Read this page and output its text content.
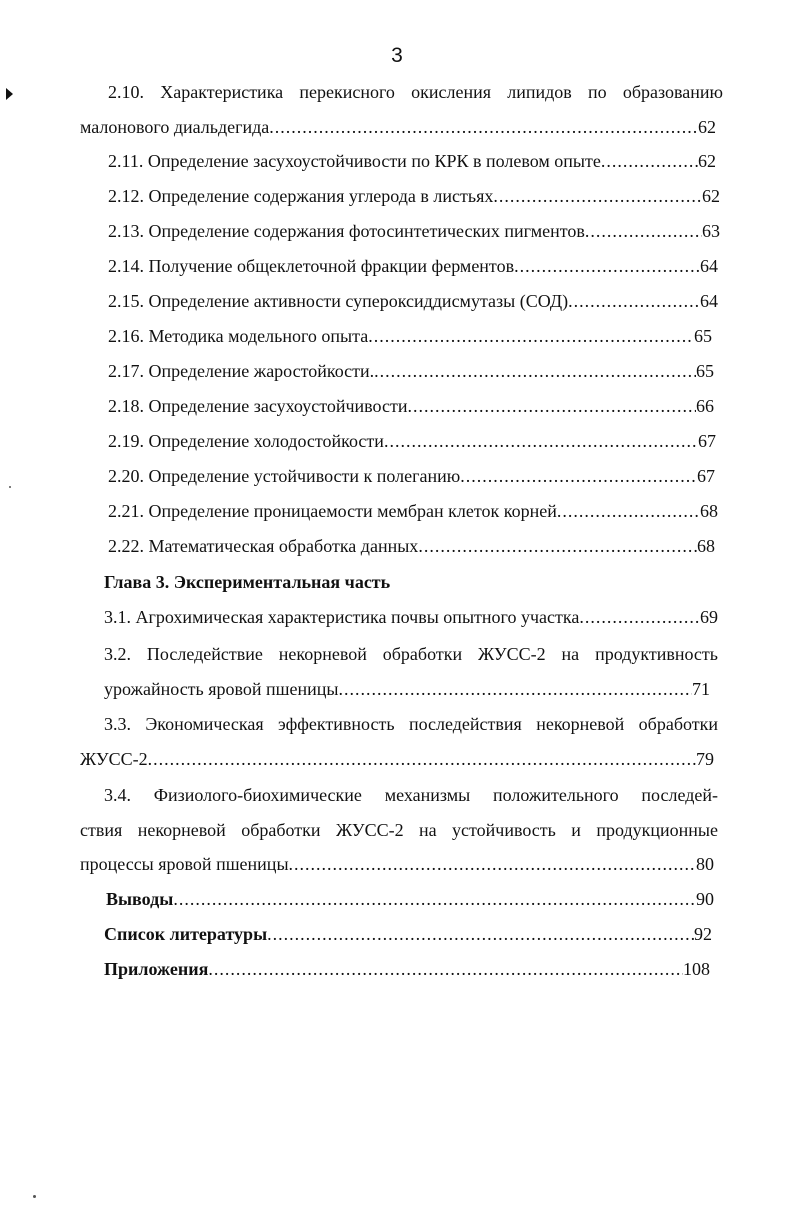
3
2.10. Характеристика перекисного окисления липидов по образованию
малонового диальдегида .....	62
2.11. Определение засухоустойчивости по КРК в полевом опыте .....	62
2.12. Определение содержания углерода в листьях .....	62
2.13. Определение содержания фотосинтетических пигментов .....	63
2.14. Получение общеклеточной фракции ферментов .....	64
2.15. Определение активности супероксиддисмутазы (СОД) .....	64
2.16. Методика модельного опыта .....	65
2.17. Определение жаростойкости. .....	65
2.18. Определение засухоустойчивости .....	66
2.19. Определение холодостойкости .....	67
2.20. Определение устойчивости к полеганию .....	67
2.21. Определение проницаемости мембран клеток корней .....	68
2.22. Математическая обработка данных .....	68
Глава 3. Экспериментальная часть
3.1. Агрохимическая характеристика почвы опытного участка .....	69
3.2. Последействие некорневой обработки ЖУСС-2 на продуктивность
урожайность яровой пшеницы .....	71
3.3. Экономическая эффективность последействия некорневой обработки
ЖУСС-2 .....	79
3.4. Физиолого-биохимические механизмы положительного последей-
ствия некорневой обработки ЖУСС-2 на устойчивость и продукционные
процессы яровой пшеницы .....	80
Выводы .....	90
Список литературы .....	92
Приложения .....	108
